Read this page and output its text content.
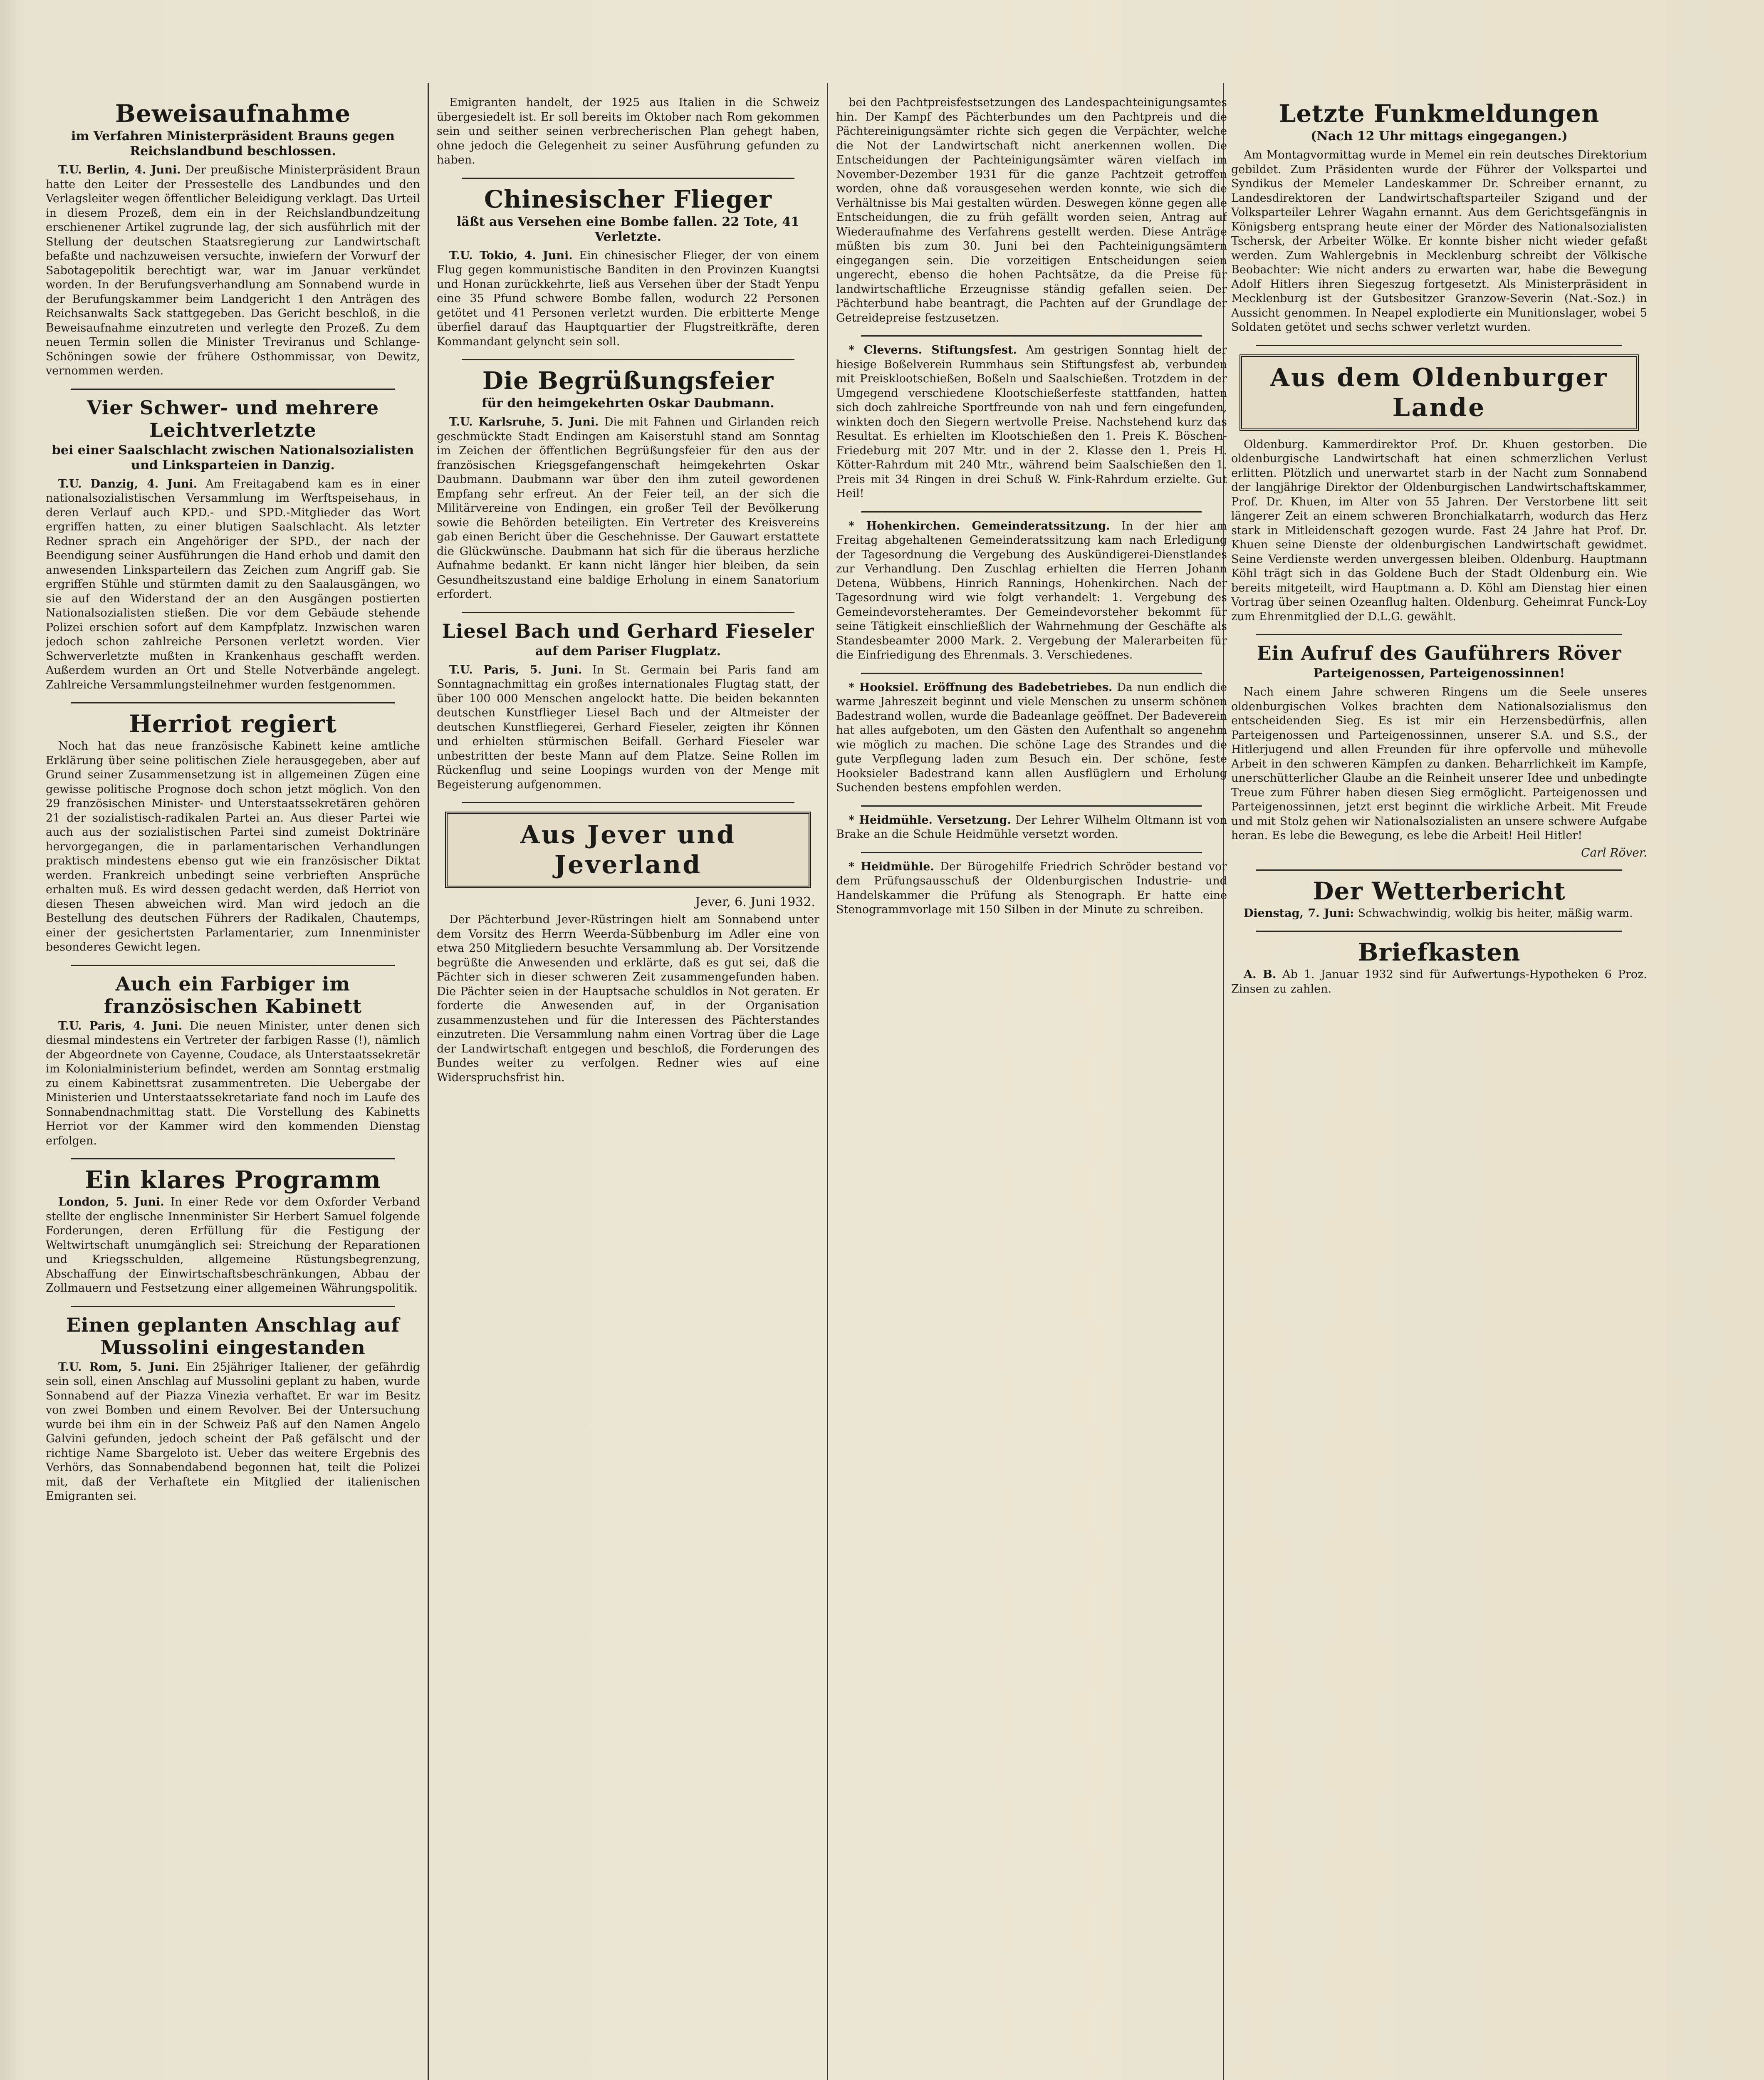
Beweisaufnahme
im Verfahren Ministerpräsident Brauns gegen Reichslandbund beschlossen.
T.U. Berlin, 4. Juni. Der preußische Ministerpräsident Braun hatte den Leiter der Pressestelle des Landbundes und den Verlagsleiter wegen öffentlicher Beleidigung verklagt. Das Urteil in diesem Prozeß, dem ein in der Reichslandbundzeitung erschienener Artikel zugrunde lag, der sich ausführlich mit der Stellung der deutschen Staatsregierung zur Landwirtschaft befaßte und nachzuweisen versuchte, inwiefern der Vorwurf der Sabotagepolitik berechtigt war, war im Januar verkündet worden. In der Berufungsverhandlung am Sonnabend wurde in der Berufungskammer beim Landgericht 1 den Anträgen des Reichsanwalts Sack stattgegeben. Das Gericht beschloß, in die Beweisaufnahme einzutreten und verlegte den Prozeß. Zu dem neuen Termin sollen die Minister Treviranus und Schlange-Schöningen sowie der frühere Osthommissar, von Dewitz, vernommen werden.
Vier Schwer- und mehrere Leichtverletzte
bei einer Saalschlacht zwischen Nationalsozialisten und Linksparteien in Danzig.
T.U. Danzig, 4. Juni. Am Freitagabend kam es in einer nationalsozialistischen Versammlung im Werftspeisehaus, in deren Verlauf auch KPD.- und SPD.-Mitglieder das Wort ergriffen hatten, zu einer blutigen Saalschlacht. Als letzter Redner sprach ein Angehöriger der SPD., der nach der Beendigung seiner Ausführungen die Hand erhob und damit den anwesenden Linksparteilern das Zeichen zum Angriff gab. Sie ergriffen Stühle und stürmten damit zu den Saalausgängen, wo sie auf den Widerstand der an den Ausgängen postierten Nationalsozialisten stießen. Die vor dem Gebäude stehende Polizei erschien sofort auf dem Kampfplatz. Inzwischen waren jedoch schon zahlreiche Personen verletzt worden. Vier Schwerverletzte mußten in Krankenhaus geschafft werden. Außerdem wurden an Ort und Stelle Notverbände angelegt. Zahlreiche Versammlungsteilnehmer wurden festgenommen.
Herriot regiert
Noch hat das neue französische Kabinett keine amtliche Erklärung über seine politischen Ziele herausgegeben, aber auf Grund seiner Zusammensetzung ist in allgemeinen Zügen eine gewisse politische Prognose doch schon jetzt möglich. Von den 29 französischen Minister- und Unterstaatssekretären gehören 21 der sozialistisch-radikalen Partei an. Aus dieser Partei wie auch aus der sozialistischen Partei sind zumeist Doktrinäre hervorgegangen, die in parlamentarischen Verhandlungen praktisch mindestens ebenso gut wie ein französischer Diktat werden. Frankreich unbedingt seine verbrieften Ansprüche erhalten muß. Es wird dessen gedacht werden, daß Herriot von diesen Thesen abweichen wird. Man wird jedoch an die Bestellung des deutschen Führers der Radikalen, Chautemps, einer der gesichertsten Parlamentarier, zum Innenminister besonderes Gewicht legen.
Auch ein Farbiger im französischen Kabinett
T.U. Paris, 4. Juni. Die neuen Minister, unter denen sich diesmal mindestens ein Vertreter der farbigen Rasse (!), nämlich der Abgeordnete von Cayenne, Coudace, als Unterstaatssekretär im Kolonialministerium befindet, werden am Sonntag erstmalig zu einem Kabinettsrat zusammentreten. Die Uebergabe der Ministerien und Unterstaatssekretariate fand noch im Laufe des Sonnabendnachmittag statt. Die Vorstellung des Kabinetts Herriot vor der Kammer wird den kommenden Dienstag erfolgen.
Ein klares Programm
London, 5. Juni. In einer Rede vor dem Oxforder Verband stellte der englische Innenminister Sir Herbert Samuel folgende Forderungen, deren Erfüllung für die Festigung der Weltwirtschaft unumgänglich sei: Streichung der Reparationen und Kriegsschulden, allgemeine Rüstungsbegrenzung, Abschaffung der Einwirtschaftsbeschränkungen, Abbau der Zollmauern und Festsetzung einer allgemeinen Währungspolitik.
Einen geplanten Anschlag auf Mussolini eingestanden
T.U. Rom, 5. Juni. Ein 25jähriger Italiener, der gefährdig sein soll, einen Anschlag auf Mussolini geplant zu haben, wurde Sonnabend auf der Piazza Vinezia verhaftet. Er war im Besitz von zwei Bomben und einem Revolver. Bei der Untersuchung wurde bei ihm ein in der Schweiz Paß auf den Namen Angelo Galvini gefunden, jedoch scheint der Paß gefälscht und der richtige Name Sbargeloto ist. Ueber das weitere Ergebnis des Verhörs, das Sonnabendabend begonnen hat, teilt die Polizei mit, daß der Verhaftete ein Mitglied der italienischen Emigranten sei.
Emigranten handelt, der 1925 aus Italien in die Schweiz übergesiedelt ist. Er soll bereits im Oktober nach Rom gekommen sein und seither seinen verbrecherischen Plan gehegt haben, ohne jedoch die Gelegenheit zu seiner Ausführung gefunden zu haben.
Chinesischer Flieger
läßt aus Versehen eine Bombe fallen. 22 Tote, 41 Verletzte.
T.U. Tokio, 4. Juni. Ein chinesischer Flieger, der von einem Flug gegen kommunistische Banditen in den Provinzen Kuangtsi und Honan zurückkehrte, ließ aus Versehen über der Stadt Yenpu eine 35 Pfund schwere Bombe fallen, wodurch 22 Personen getötet und 41 Personen verletzt wurden. Die erbitterte Menge überfiel darauf das Hauptquartier der Flugstreitkräfte, deren Kommandant gelyncht sein soll.
Die Begrüßungsfeier
für den heimgekehrten Oskar Daubmann.
T.U. Karlsruhe, 5. Juni. Die mit Fahnen und Girlanden reich geschmückte Stadt Endingen am Kaiserstuhl stand am Sonntag im Zeichen der öffentlichen Begrüßungsfeier für den aus der französischen Kriegsgefangenschaft heimgekehrten Oskar Daubmann. Daubmann war über den ihm zuteil gewordenen Empfang sehr erfreut. An der Feier teil, an der sich die Militärvereine von Endingen, ein großer Teil der Bevölkerung sowie die Behörden beteiligten. Ein Vertreter des Kreisvereins gab einen Bericht über die Geschehnisse. Der Gauwart erstattete die Glückwünsche. Daubmann hat sich für die überaus herzliche Aufnahme bedankt. Er kann nicht länger hier bleiben, da sein Gesundheitszustand eine baldige Erholung in einem Sanatorium erfordert.
Liesel Bach und Gerhard Fieseler
auf dem Pariser Flugplatz.
T.U. Paris, 5. Juni. In St. Germain bei Paris fand am Sonntagnachmittag ein großes internationales Flugtag statt, der über 100 000 Menschen angelockt hatte. Die beiden bekannten deutschen Kunstflieger Liesel Bach und der Altmeister der deutschen Kunstfliegerei, Gerhard Fieseler, zeigten ihr Können und erhielten stürmischen Beifall. Gerhard Fieseler war unbestritten der beste Mann auf dem Platze. Seine Rollen im Rückenflug und seine Loopings wurden von der Menge mit Begeisterung aufgenommen.
Aus Jever und Jeverland
Jever, 6. Juni 1932.
Der Pächterbund Jever-Rüstringen hielt am Sonnabend unter dem Vorsitz des Herrn Weerda-Sübbenburg im Adler eine von etwa 250 Mitgliedern besuchte Versammlung ab. Der Vorsitzende begrüßte die Anwesenden und erklärte, daß es gut sei, daß die Pächter sich in dieser schweren Zeit zusammengefunden haben. Die Pächter seien in der Hauptsache schuldlos in Not geraten. Er forderte die Anwesenden auf, in der Organisation zusammenzustehen und für die Interessen des Pächterstandes einzutreten. Die Versammlung nahm einen Vortrag über die Lage der Landwirtschaft entgegen und beschloß, die Forderungen des Bundes weiter zu verfolgen. Redner wies auf eine Widerspruchsfrist hin.
bei den Pachtpreisfestsetzungen des Landespachteinigungsamtes hin. Der Kampf des Pächterbundes um den Pachtpreis und die Pächtereinigungsämter richte sich gegen die Verpächter, welche die Not der Landwirtschaft nicht anerkennen wollen. Die Entscheidungen der Pachteinigungsämter wären vielfach im November-Dezember 1931 für die ganze Pachtzeit getroffen worden, ohne daß vorausgesehen werden konnte, wie sich die Verhältnisse bis Mai gestalten würden. Deswegen könne gegen alle Entscheidungen, die zu früh gefällt worden seien, Antrag auf Wiederaufnahme des Verfahrens gestellt werden. Diese Anträge müßten bis zum 30. Juni bei den Pachteinigungsämtern eingegangen sein. Die vorzeitigen Entscheidungen seien ungerecht, ebenso die hohen Pachtsätze, da die Preise für landwirtschaftliche Erzeugnisse ständig gefallen seien. Der Pächterbund habe beantragt, die Pachten auf der Grundlage der Getreidepreise festzusetzen.
* Cleverns. Stiftungsfest. Am gestrigen Sonntag hielt der hiesige Boßelverein Rummhaus sein Stiftungsfest ab, verbunden mit Preisklootschießen, Boßeln und Saalschießen. Trotzdem in der Umgegend verschiedene Klootschießerfeste stattfanden, hatten sich doch zahlreiche Sportfreunde von nah und fern eingefunden, winkten doch den Siegern wertvolle Preise. Nachstehend kurz das Resultat. Es erhielten im Klootschießen den 1. Preis K. Böschen-Friedeburg mit 207 Mtr. und in der 2. Klasse den 1. Preis H. Kötter-Rahrdum mit 240 Mtr., während beim Saalschießen den 1. Preis mit 34 Ringen in drei Schuß W. Fink-Rahrdum erzielte. Gut Heil!
* Hohenkirchen. Gemeinderatssitzung. In der hier am Freitag abgehaltenen Gemeinderatssitzung kam nach Erledigung der Tagesordnung die Vergebung des Auskündigerei-Dienstlandes zur Verhandlung. Den Zuschlag erhielten die Herren Johann Detena, Wübbens, Hinrich Rannings, Hohenkirchen. Nach der Tagesordnung wird wie folgt verhandelt: 1. Vergebung des Gemeindevorsteheramtes. Der Gemeindevorsteher bekommt für seine Tätigkeit einschließlich der Wahrnehmung der Geschäfte als Standesbeamter 2000 Mark. 2. Vergebung der Malerarbeiten für die Einfriedigung des Ehrenmals. 3. Verschiedenes.
* Hooksiel. Eröffnung des Badebetriebes. Da nun endlich die warme Jahreszeit beginnt und viele Menschen zu unserm schönen Badestrand wollen, wurde die Badeanlage geöffnet. Der Badeverein hat alles aufgeboten, um den Gästen den Aufenthalt so angenehm wie möglich zu machen. Die schöne Lage des Strandes und die gute Verpflegung laden zum Besuch ein. Der schöne, feste Hooksieler Badestrand kann allen Ausflüglern und Erholung Suchenden bestens empfohlen werden.
* Heidmühle. Versetzung. Der Lehrer Wilhelm Oltmann ist von Brake an die Schule Heidmühle versetzt worden.
* Heidmühle. Der Bürogehilfe Friedrich Schröder bestand vor dem Prüfungsausschuß der Oldenburgischen Industrie- und Handelskammer die Prüfung als Stenograph. Er hatte eine Stenogrammvorlage mit 150 Silben in der Minute zu schreiben.
Letzte Funkmeldungen
(Nach 12 Uhr mittags eingegangen.)
Am Montagvormittag wurde in Memel ein rein deutsches Direktorium gebildet. Zum Präsidenten wurde der Führer der Volkspartei und Syndikus der Memeler Landeskammer Dr. Schreiber ernannt, zu Landesdirektoren der Landwirtschaftsparteiler Szigand und der Volksparteiler Lehrer Wagahn ernannt. Aus dem Gerichtsgefängnis in Königsberg entsprang heute einer der Mörder des Nationalsozialisten Tschersk, der Arbeiter Wölke. Er konnte bisher nicht wieder gefaßt werden. Zum Wahlergebnis in Mecklenburg schreibt der Völkische Beobachter: Wie nicht anders zu erwarten war, habe die Bewegung Adolf Hitlers ihren Siegeszug fortgesetzt. Als Ministerpräsident in Mecklenburg ist der Gutsbesitzer Granzow-Severin (Nat.-Soz.) in Aussicht genommen. In Neapel explodierte ein Munitionslager, wobei 5 Soldaten getötet und sechs schwer verletzt wurden.
Aus dem Oldenburger Lande
Oldenburg. Kammerdirektor Prof. Dr. Khuen gestorben. Die oldenburgische Landwirtschaft hat einen schmerzlichen Verlust erlitten. Plötzlich und unerwartet starb in der Nacht zum Sonnabend der langjährige Direktor der Oldenburgischen Landwirtschaftskammer, Prof. Dr. Khuen, im Alter von 55 Jahren. Der Verstorbene litt seit längerer Zeit an einem schweren Bronchialkatarrh, wodurch das Herz stark in Mitleidenschaft gezogen wurde. Fast 24 Jahre hat Prof. Dr. Khuen seine Dienste der oldenburgischen Landwirtschaft gewidmet. Seine Verdienste werden unvergessen bleiben. Oldenburg. Hauptmann Köhl trägt sich in das Goldene Buch der Stadt Oldenburg ein. Wie bereits mitgeteilt, wird Hauptmann a. D. Köhl am Dienstag hier einen Vortrag über seinen Ozeanflug halten. Oldenburg. Geheimrat Funck-Loy zum Ehrenmitglied der D.L.G. gewählt.
Ein Aufruf des Gauführers Röver
Parteigenossen, Parteigenossinnen!
Nach einem Jahre schweren Ringens um die Seele unseres oldenburgischen Volkes brachten dem Nationalsozialismus den entscheidenden Sieg. Es ist mir ein Herzensbedürfnis, allen Parteigenossen und Parteigenossinnen, unserer S.A. und S.S., der Hitlerjugend und allen Freunden für ihre opfervolle und mühevolle Arbeit in den schweren Kämpfen zu danken. Beharrlichkeit im Kampfe, unerschütterlicher Glaube an die Reinheit unserer Idee und unbedingte Treue zum Führer haben diesen Sieg ermöglicht. Parteigenossen und Parteigenossinnen, jetzt erst beginnt die wirkliche Arbeit. Mit Freude und mit Stolz gehen wir Nationalsozialisten an unsere schwere Aufgabe heran. Es lebe die Bewegung, es lebe die Arbeit! Heil Hitler!
Carl Röver.
Der Wetterbericht
Dienstag, 7. Juni: Schwachwindig, wolkig bis heiter, mäßig warm.
Briefkasten
A. B. Ab 1. Januar 1932 sind für Aufwertungs-Hypotheken 6 Proz. Zinsen zu zahlen.
